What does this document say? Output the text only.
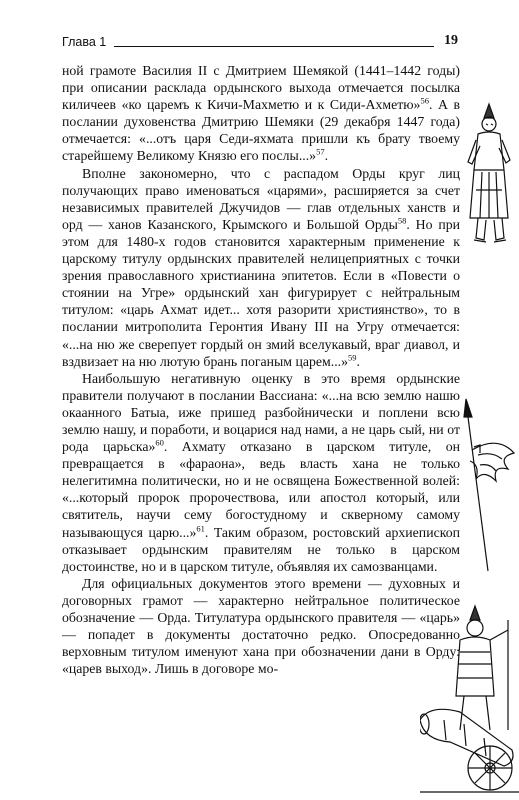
Глава 1	19

ной грамоте Василия II с Дмитрием Шемякой (1441–1442 годы) при описании расклада ордынского выхода отмечается посылка киличеев «ко царемъ к Кичи-Махметю и к Сиди-Ахметю»$^{56}$. А в послании духовенства Дмитрию Шемяки (29 декабря 1447 года) отмечается: «...отъ царя Седи-яхмата пришли къ брату твоему старейшему Великому Князю его послы...»$^{57}$.

Вполне закономерно, что с распадом Орды круг лиц получающих право именоваться «царями», расширяется за счет независимых правителей Джучидов — глав отдельных ханств и орд — ханов Казанского, Крымского и Большой Орды$^{58}$. Но при этом для 1480-х годов становится характерным применение к царскому титулу ордынских правителей нелицеприятных с точки зрения православного христианина эпитетов. Если в «Повести о стоянии на Угре» ордынский хан фигурирует с нейтральным титулом: «царь Ахмат идет... хотя разорити християнство», то в послании митрополита Геронтия Ивану III на Угру отмечается: «...на ню же сверепует гордый он змий вселукавый, враг диавол, и вздвизает на ню лютую брань поганым царем...»$^{59}$.

Наибольшую негативную оценку в это время ордынские правители получают в послании Вассиана: «...на всю землю нашю окаанного Батыа, иже пришед разбойнически и поплени всю землю нашу, и поработи, и воцарися над нами, а не царь сый, ни от рода царьска»$^{60}$. Ахмату отказано в царском титуле, он превращается в «фараона», ведь власть хана не только нелегитимна политически, но и не освящена Божественной волей: «...который пророк пророчествова, или апостол который, или святитель, научи сему богостудному и скверному самому называющуся царю...»$^{61}$. Таким образом, ростовский архиепископ отказывает ордынским правителям не только в царском достоинстве, но и в царском титуле, объявляя их самозванцами.

Для официальных документов этого времени — духовных и договорных грамот — характерно нейтральное политическое обозначение — Орда. Титулатура ордынского правителя — «царь» — попадет в документы достаточно редко. Опосредованно верховным титулом именуют хана при обозначении дани в Орду: «царев выход». Лишь в договоре мо-
